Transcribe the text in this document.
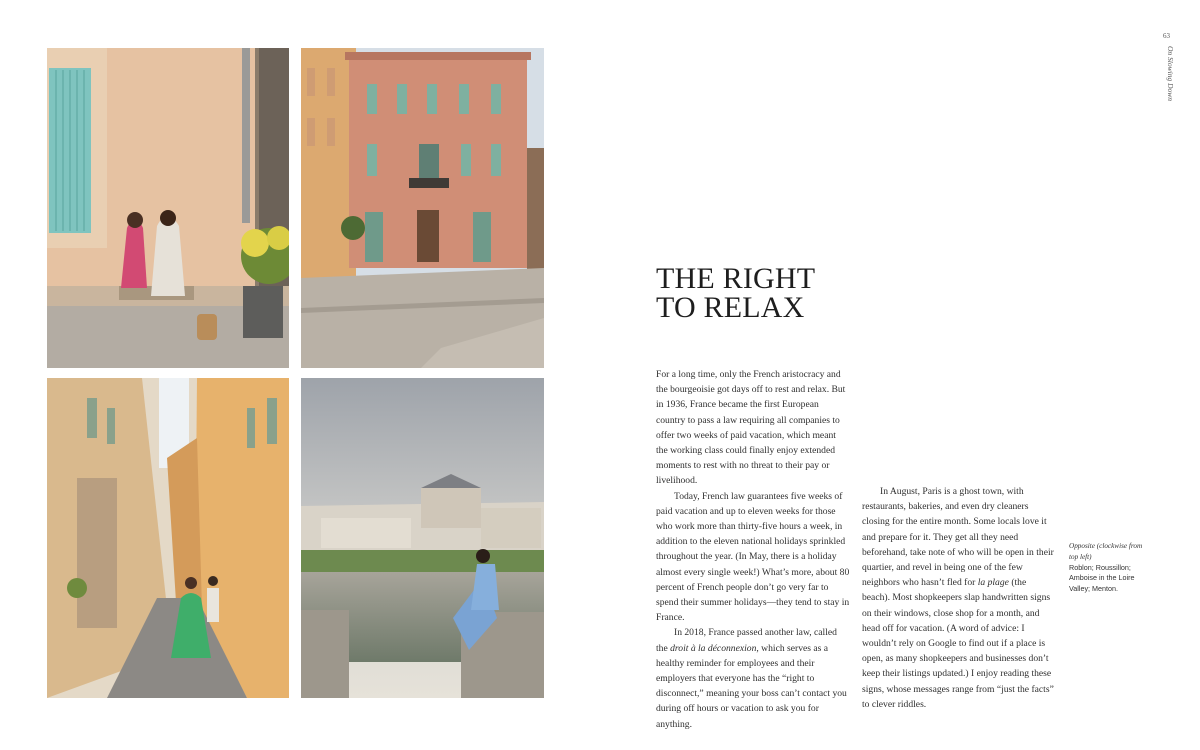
63
On Slowing Down
THE RIGHT
TO RELAX

For a long time, only the French aristocracy and the bourgeoisie got days off to rest and relax. But in 1936, France became the first European country to pass a law requiring all companies to offer two weeks of paid vacation, which meant the working class could finally enjoy extended moments to rest with no threat to their pay or livelihood.

Today, French law guarantees five weeks of paid vacation and up to eleven weeks for those who work more than thirty-five hours a week, in addition to the eleven national holidays sprinkled throughout the year. (In May, there is a holiday almost every single week!) What’s more, about 80 percent of French people don’t go very far to spend their summer holidays—they tend to stay in France.

In 2018, France passed another law, called the droit à la déconnexion, which serves as a healthy reminder for employees and their employers that everyone has the “right to disconnect,” meaning your boss can’t contact you during off hours or vacation to ask you for anything.

In August, Paris is a ghost town, with restaurants, bakeries, and even dry cleaners closing for the entire month. Some locals love it and prepare for it. They get all they need beforehand, take note of who will be open in their quartier, and revel in being one of the few neighbors who hasn’t fled for la plage (the beach). Most shopkeepers slap handwritten signs on their windows, close shop for a month, and head off for vacation. (A word of advice: I wouldn’t rely on Google to find out if a place is open, as many shopkeepers and businesses don’t keep their listings updated.) I enjoy reading these signs, whose messages range from “just the facts” to clever riddles.

Opposite (clockwise from top left)
Roblon; Roussillon; Amboise in the Loire Valley; Menton.
